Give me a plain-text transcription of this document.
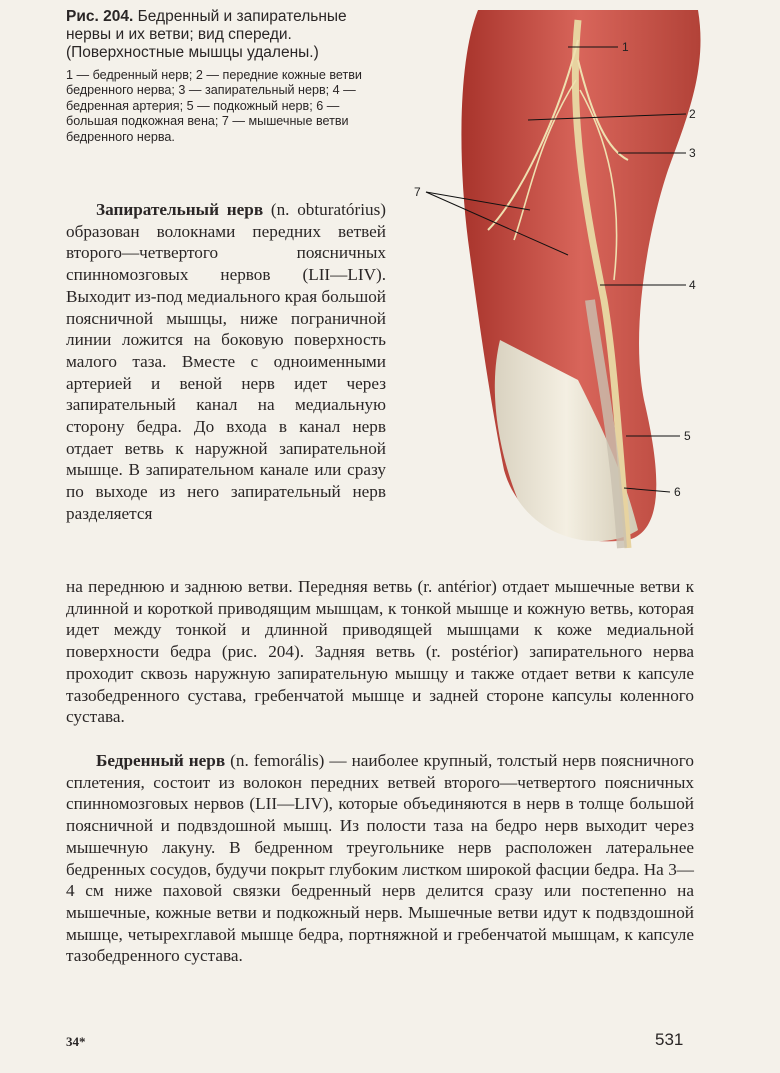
Рис. 204. Бедренный и запирательные нервы и их ветви; вид спереди. (Поверхностные мышцы удалены.)

1 — бедренный нерв; 2 — передние кожные ветви бедренного нерва; 3 — запирательный нерв; 4 — бедренная артерия; 5 — подкожный нерв; 6 — большая подкожная вена; 7 — мышечные ветви бедренного нерва.

1
2
3
7
4
5
6

Запирательный нерв (n. obturatórius) образован волокнами передних ветвей второго—четвертого поясничных спинномозговых нервов (LII—LIV). Выходит из-под медиального края большой поясничной мышцы, ниже пограничной линии ложится на боковую поверхность малого таза. Вместе с одноименными артерией и веной нерв идет через запирательный канал на медиальную сторону бедра. До входа в канал нерв отдает ветвь к наружной запирательной мышце. В запирательном канале или сразу по выходе из него запирательный нерв разделяется

на переднюю и заднюю ветви. Передняя ветвь (r. antérior) отдает мышечные ветви к длинной и короткой приводящим мышцам, к тонкой мышце и кожную ветвь, которая идет между тонкой и длинной приводящей мышцами к коже медиальной поверхности бедра (рис. 204). Задняя ветвь (r. postérior) запирательного нерва проходит сквозь наружную запирательную мышцу и также отдает ветви к капсуле тазобедренного сустава, гребенчатой мышце и задней стороне капсулы коленного сустава.

Бедренный нерв (n. femorális) — наиболее крупный, толстый нерв поясничного сплетения, состоит из волокон передних ветвей второго—четвертого поясничных спинномозговых нервов (LII—LIV), которые объединяются в нерв в толще большой поясничной и подвздошной мышц. Из полости таза на бедро нерв выходит через мышечную лакуну. В бедренном треугольнике нерв расположен латеральнее бедренных сосудов, будучи покрыт глубоким листком широкой фасции бедра. На 3—4 см ниже паховой связки бедренный нерв делится сразу или постепенно на мышечные, кожные ветви и подкожный нерв. Мышечные ветви идут к подвздошной мышце, четырехглавой мышце бедра, портняжной и гребенчатой мышцам, к капсуле тазобедренного сустава.

34*	531
